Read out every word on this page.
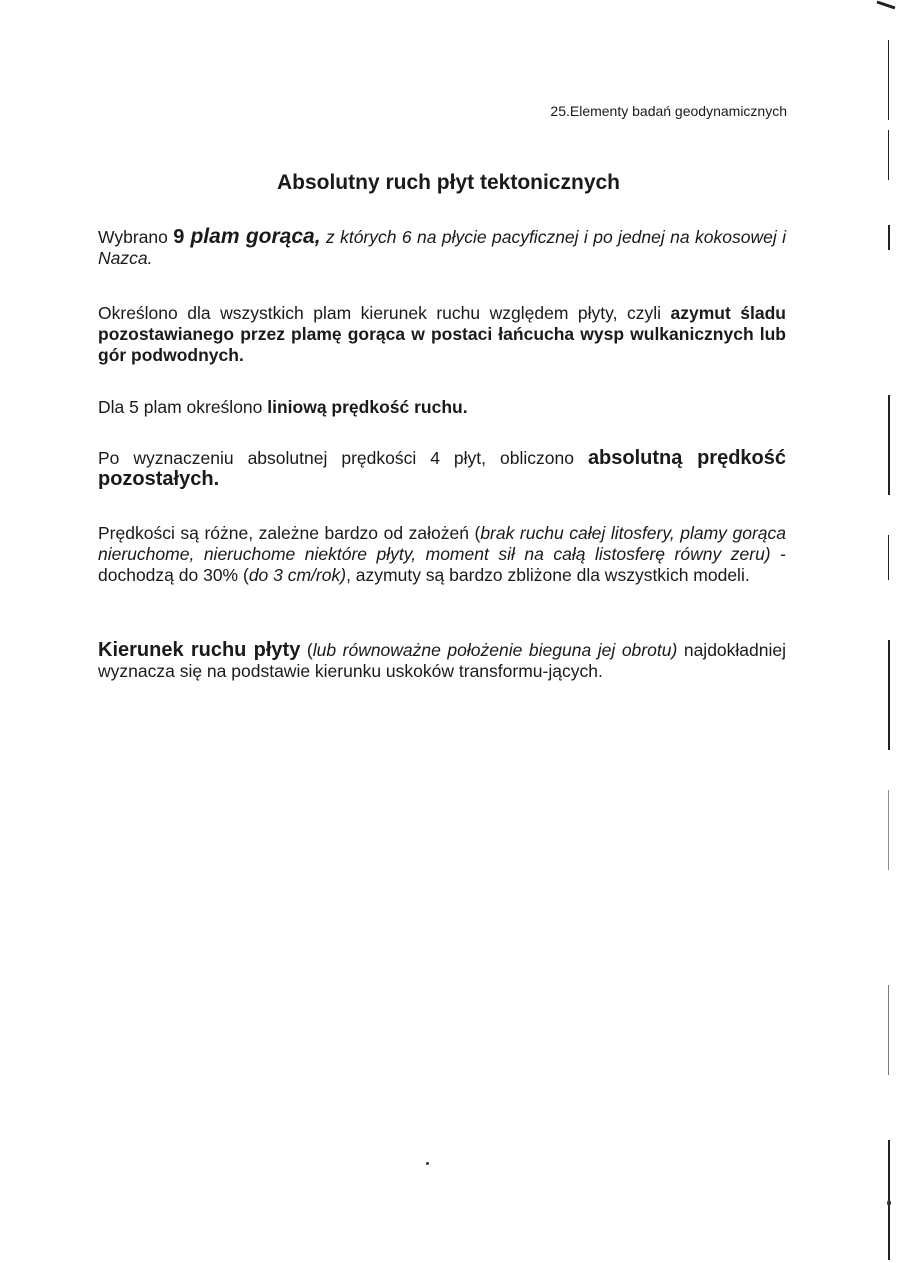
25.Elementy badań geodynamicznych
Absolutny ruch płyt tektonicznych

Wybrano 9 plam gorąca, z których 6 na płycie pacyficznej i po jednej na kokosowej i Nazca.

Określono dla wszystkich plam kierunek ruchu względem płyty, czyli azymut śladu pozostawianego przez plamę gorąca w postaci łańcucha wysp wulkanicznych lub gór podwodnych.

Dla 5 plam określono liniową prędkość ruchu.

Po wyznaczeniu absolutnej prędkości 4 płyt, obliczono absolutną prędkość pozostałych.

Prędkości są różne, zależne bardzo od założeń (brak ruchu całej litosfery, plamy gorąca nieruchome, nieruchome niektóre płyty, moment sił na całą listosferę równy zeru) - dochodzą do 30% (do 3 cm/rok), azymuty są bardzo zbliżone dla wszystkich modeli.

Kierunek ruchu płyty (lub równoważne położenie bieguna jej obrotu) najdokładniej wyznacza się na podstawie kierunku uskoków transformu-jących.
